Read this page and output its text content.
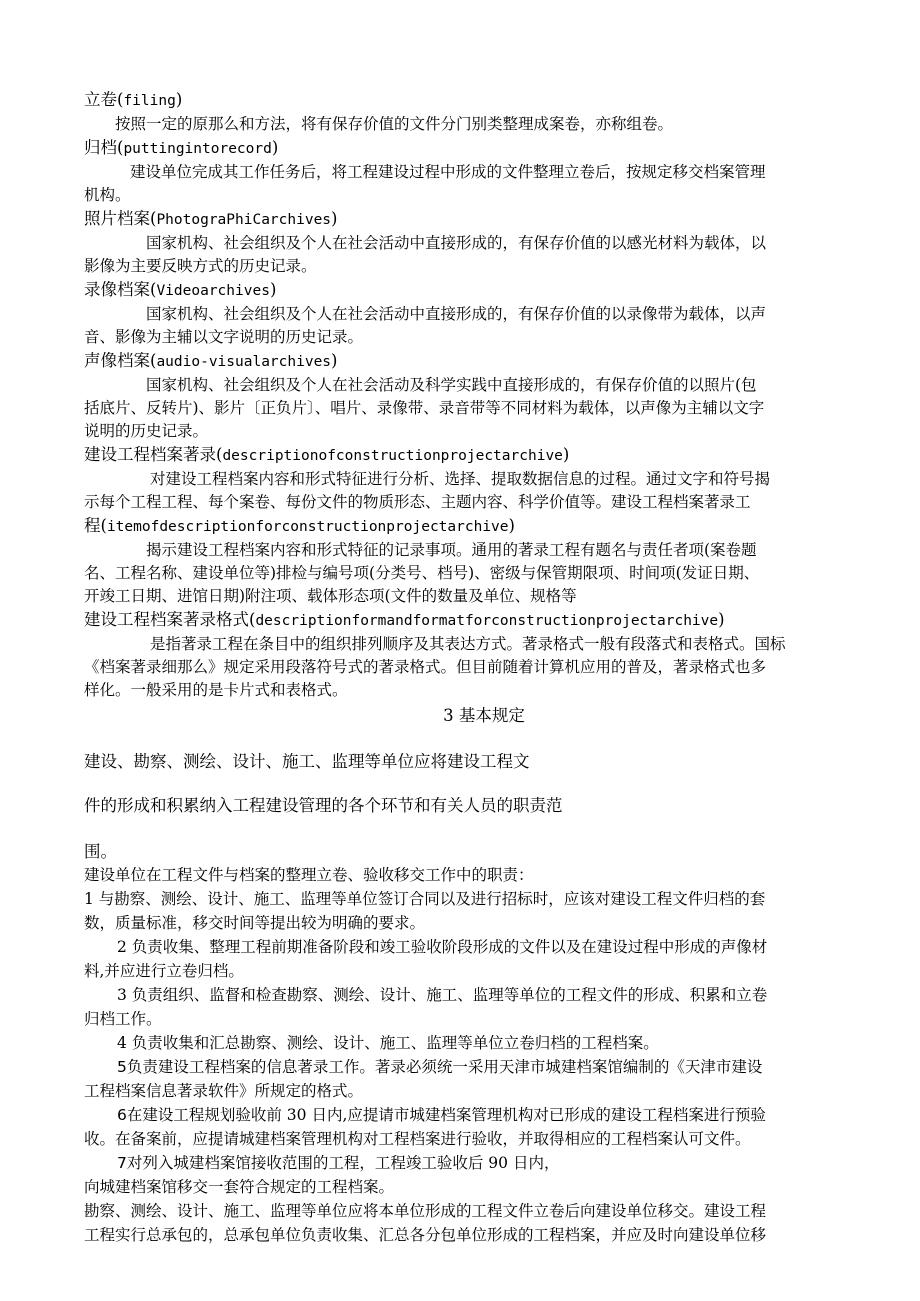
立卷(filing)
按照一定的原那么和方法，将有保存价值的文件分门别类整理成案卷，亦称组卷。
归档(puttingintorecord)
建设单位完成其工作任务后，将工程建设过程中形成的文件整理立卷后，按规定移交档案管理
机构。
照片档案(PhotograPhiCarchives)
国家机构、社会组织及个人在社会活动中直接形成的，有保存价值的以感光材料为载体，以
影像为主要反映方式的历史记录。
录像档案(Videoarchives)
国家机构、社会组织及个人在社会活动中直接形成的，有保存价值的以录像带为载体，以声
音、影像为主辅以文字说明的历史记录。
声像档案(audio-visualarchives)
国家机构、社会组织及个人在社会活动及科学实践中直接形成的，有保存价值的以照片(包
括底片、反转片)、影片〔正负片〕、唱片、录像带、录音带等不同材料为载体，以声像为主辅以文字
说明的历史记录。
建设工程档案著录(descriptionofconstructionprojectarchive)
对建设工程档案内容和形式特征进行分析、选择、提取数据信息的过程。通过文字和符号揭
示每个工程工程、每个案卷、每份文件的物质形态、主题内容、科学价值等。建设工程档案著录工
程(itemofdescriptionforconstructionprojectarchive)
揭示建设工程档案内容和形式特征的记录事项。通用的著录工程有题名与责任者项(案卷题
名、工程名称、建设单位等)排检与编号项(分类号、档号)、密级与保管期限项、时间项(发证日期、
开竣工日期、进馆日期)附注项、载体形态项(文件的数量及单位、规格等
建设工程档案著录格式(descriptionformandformatforconstructionprojectarchive)
是指著录工程在条目中的组织排列顺序及其表达方式。著录格式一般有段落式和表格式。国标
《档案著录细那么》规定采用段落符号式的著录格式。但目前随着计算机应用的普及，著录格式也多
样化。一般采用的是卡片式和表格式。
3 基本规定
建设、勘察、测绘、设计、施工、监理等单位应将建设工程文
件的形成和积累纳入工程建设管理的各个环节和有关人员的职责范
围。
建设单位在工程文件与档案的整理立卷、验收移交工作中的职责：
1 与勘察、测绘、设计、施工、监理等单位签订合同以及进行招标时，应该对建设工程文件归档的套
数，质量标准，移交时间等提出较为明确的要求。
2 负责收集、整理工程前期准备阶段和竣工验收阶段形成的文件以及在建设过程中形成的声像材
料,并应进行立卷归档。
3 负责组织、监督和检查勘察、测绘、设计、施工、监理等单位的工程文件的形成、积累和立卷
归档工作。
4 负责收集和汇总勘察、测绘、设计、施工、监理等单位立卷归档的工程档案。
5负责建设工程档案的信息著录工作。著录必须统一采用天津市城建档案馆编制的《天津市建设
工程档案信息著录软件》所规定的格式。
6在建设工程规划验收前 30 日内,应提请市城建档案管理机构对已形成的建设工程档案进行预验
收。在备案前，应提请城建档案管理机构对工程档案进行验收，并取得相应的工程档案认可文件。
7对列入城建档案馆接收范围的工程，工程竣工验收后 90 日内，
向城建档案馆移交一套符合规定的工程档案。
勘察、测绘、设计、施工、监理等单位应将本单位形成的工程文件立卷后向建设单位移交。建设工程
工程实行总承包的，总承包单位负责收集、汇总各分包单位形成的工程档案，并应及时向建设单位移
